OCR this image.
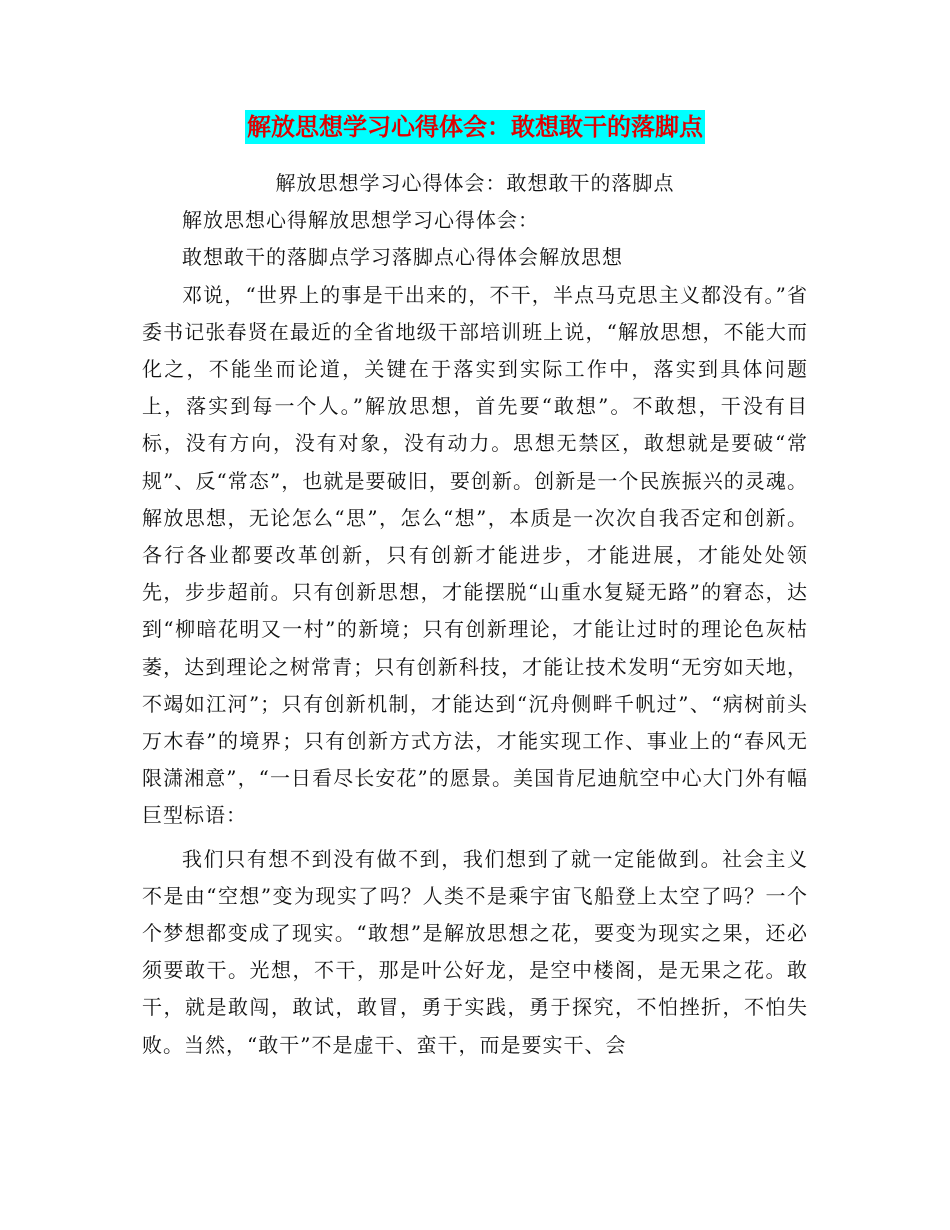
解放思想学习心得体会：敢想敢干的落脚点

解放思想学习心得体会：敢想敢干的落脚点

解放思想心得解放思想学习心得体会：

敢想敢干的落脚点学习落脚点心得体会解放思想

邓说，“世界上的事是干出来的，不干，半点马克思主义都没有。”省委书记张春贤在最近的全省地级干部培训班上说，“解放思想，不能大而化之，不能坐而论道，关键在于落实到实际工作中，落实到具体问题上，落实到每一个人。”解放思想，首先要“敢想”。不敢想，干没有目标，没有方向，没有对象，没有动力。思想无禁区，敢想就是要破“常规”、反“常态”，也就是要破旧，要创新。创新是一个民族振兴的灵魂。解放思想，无论怎么“思”，怎么“想”，本质是一次次自我否定和创新。各行各业都要改革创新，只有创新才能进步，才能进展，才能处处领先，步步超前。只有创新思想，才能摆脱“山重水复疑无路”的窘态，达到“柳暗花明又一村”的新境；只有创新理论，才能让过时的理论色灰枯萎，达到理论之树常青；只有创新科技，才能让技术发明“无穷如天地，不竭如江河”；只有创新机制，才能达到“沉舟侧畔千帆过”、“病树前头万木春”的境界；只有创新方式方法，才能实现工作、事业上的“春风无限潇湘意”，“一日看尽长安花”的愿景。美国肯尼迪航空中心大门外有幅巨型标语：

我们只有想不到没有做不到，我们想到了就一定能做到。社会主义不是由“空想”变为现实了吗？人类不是乘宇宙飞船登上太空了吗？一个个梦想都变成了现实。“敢想”是解放思想之花，要变为现实之果，还必须要敢干。光想，不干，那是叶公好龙，是空中楼阁，是无果之花。敢干，就是敢闯，敢试，敢冒，勇于实践，勇于探究，不怕挫折，不怕失败。当然，“敢干”不是虚干、蛮干，而是要实干、会
